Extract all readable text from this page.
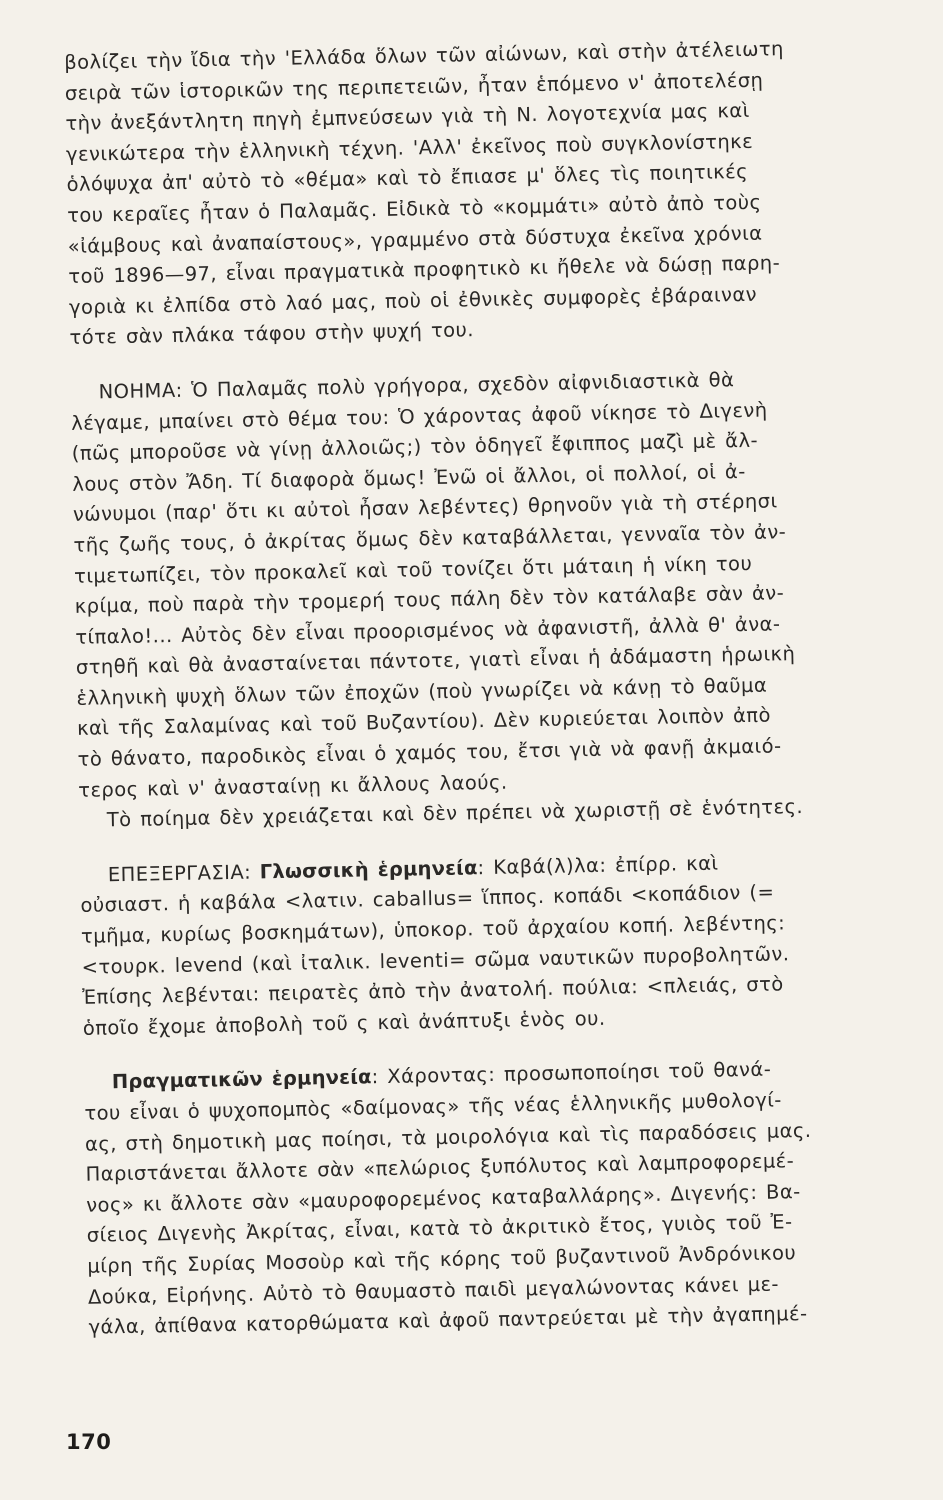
βολίζει τὴν ἴδια τὴν 'Ελλάδα ὅλων τῶν αἰώνων, καὶ στὴν ἀτέλειωτη
σειρὰ τῶν ἱστορικῶν της περιπετειῶν, ἦταν ἑπόμενο ν' ἀποτελέσῃ
τὴν ἀνεξάντλητη πηγὴ ἐμπνεύσεων γιὰ τὴ Ν. λογοτεχνία μας καὶ
γενικώτερα τὴν ἑλληνικὴ τέχνη. 'Αλλ' ἐκεῖνος ποὺ συγκλονίστηκε
ὁλόψυχα ἀπ' αὐτὸ τὸ «θέμα» καὶ τὸ ἔπιασε μ' ὅλες τὶς ποιητικές
του κεραῖες ἦταν ὁ Παλαμᾶς. Εἰδικὰ τὸ «κομμάτι» αὐτὸ ἀπὸ τοὺς
«ἰάμβους καὶ ἀναπαίστους», γραμμένο στὰ δύστυχα ἐκεῖνα χρόνια
τοῦ 1896—97, εἶναι πραγματικὰ προφητικὸ κι ἤθελε νὰ δώσῃ παρη-
γοριὰ κι ἐλπίδα στὸ λαό μας, ποὺ οἱ ἐθνικὲς συμφορὲς ἐβάραιναν
τότε σὰν πλάκα τάφου στὴν ψυχή του.
ΝΟΗΜΑ: Ὁ Παλαμᾶς πολὺ γρήγορα, σχεδὸν αἰφνιδιαστικὰ θὰ
λέγαμε, μπαίνει στὸ θέμα του: Ὁ χάροντας ἀφοῦ νίκησε τὸ Διγενὴ
(πῶς μποροῦσε νὰ γίνῃ ἀλλοιῶς;) τὸν ὁδηγεῖ ἔφιππος μαζὶ μὲ ἄλ-
λους στὸν Ἄδη. Τί διαφορὰ ὅμως! Ἐνῶ οἱ ἄλλοι, οἱ πολλοί, οἱ ἀ-
νώνυμοι (παρ' ὅτι κι αὐτοὶ ἦσαν λεβέντες) θρηνοῦν γιὰ τὴ στέρησι
τῆς ζωῆς τους, ὁ ἀκρίτας ὅμως δὲν καταβάλλεται, γενναῖα τὸν ἀν-
τιμετωπίζει, τὸν προκαλεῖ καὶ τοῦ τονίζει ὅτι μάταιη ἡ νίκη του
κρίμα, ποὺ παρὰ τὴν τρομερή τους πάλη δὲν τὸν κατάλαβε σὰν ἀν-
τίπαλο!... Αὐτὸς δὲν εἶναι προορισμένος νὰ ἀφανιστῆ, ἀλλὰ θ' ἀνα-
στηθῆ καὶ θὰ ἀνασταίνεται πάντοτε, γιατὶ εἶναι ἡ ἀδάμαστη ἡρωικὴ
ἑλληνικὴ ψυχὴ ὅλων τῶν ἐποχῶν (ποὺ γνωρίζει νὰ κάνῃ τὸ θαῦμα
καὶ τῆς Σαλαμίνας καὶ τοῦ Βυζαντίου). Δὲν κυριεύεται λοιπὸν ἀπὸ
τὸ θάνατο, παροδικὸς εἶναι ὁ χαμός του, ἔτσι γιὰ νὰ φανῇ ἀκμαιό-
τερος καὶ ν' ἀνασταίνῃ κι ἄλλους λαούς.
Τὸ ποίημα δὲν χρειάζεται καὶ δὲν πρέπει νὰ χωριστῇ σὲ ἑνότητες.
ΕΠΕΞΕΡΓΑΣΙΑ: Γλωσσικὴ ἑρμηνεία: Καβά(λ)λα: ἐπίρρ. καὶ
οὐσιαστ. ἡ καβάλα <λατιν. caballus= ἵππος. κοπάδι <κοπάδιον (=
τμῆμα, κυρίως βοσκημάτων), ὑποκορ. τοῦ ἀρχαίου κοπή. λεβέντης:
<τουρκ. levend (καὶ ἰταλικ. leventi= σῶμα ναυτικῶν πυροβολητῶν.
Ἐπίσης λεβένται: πειρατὲς ἀπὸ τὴν ἀνατολή. πούλια: <πλειάς, στὸ
ὁποῖο ἔχομε ἀποβολὴ τοῦ ς καὶ ἀνάπτυξι ἑνὸς ου.
Πραγματικῶν ἑρμηνεία: Χάροντας: προσωποποίησι τοῦ θανά-
του εἶναι ὁ ψυχοπομπὸς «δαίμονας» τῆς νέας ἑλληνικῆς μυθολογί-
ας, στὴ δημοτικὴ μας ποίησι, τὰ μοιρολόγια καὶ τὶς παραδόσεις μας.
Παριστάνεται ἄλλοτε σὰν «πελώριος ξυπόλυτος καὶ λαμπροφορεμέ-
νος» κι ἄλλοτε σὰν «μαυροφορεμένος καταβαλλάρης». Διγενής: Βα-
σίειος Διγενὴς Ἀκρίτας, εἶναι, κατὰ τὸ ἀκριτικὸ ἔτος, γυιὸς τοῦ Ἐ-
μίρη τῆς Συρίας Μοσοὺρ καὶ τῆς κόρης τοῦ βυζαντινοῦ Ἀνδρόνικου
Δούκα, Εἰρήνης. Αὐτὸ τὸ θαυμαστὸ παιδὶ μεγαλώνοντας κάνει με-
γάλα, ἀπίθανα κατορθώματα καὶ ἀφοῦ παντρεύεται μὲ τὴν ἀγαπημέ-
170
